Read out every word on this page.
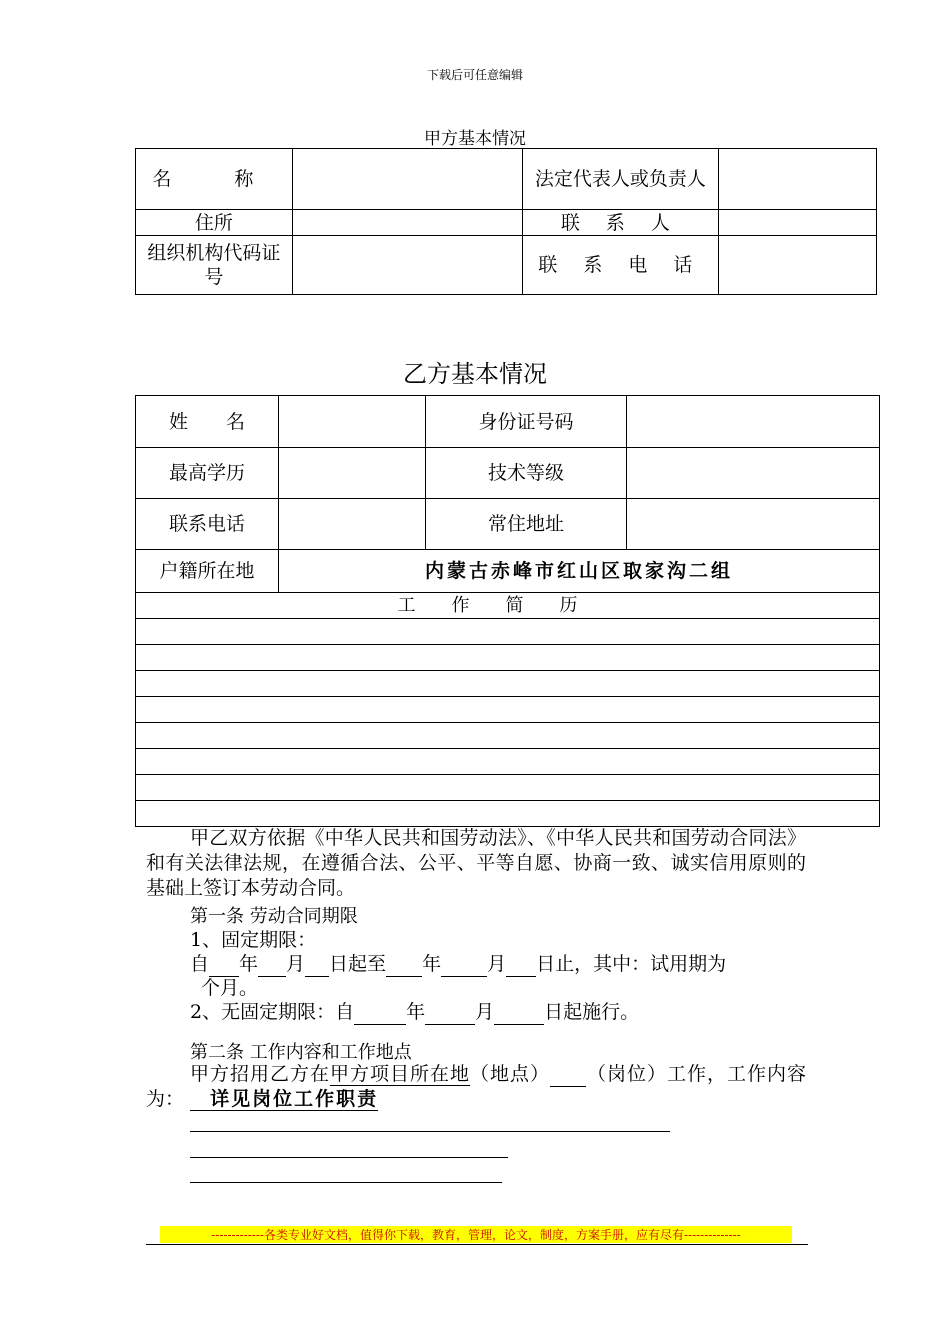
下载后可任意编辑
甲方基本情况
名　称		法定代表人或负责人	
住所		联 系 人	
组织机构代码证号		联 系 电 话	
乙方基本情况
姓　　名		身份证号码	
最高学历		技术等级	
联系电话		常住地址	
户籍所在地	内蒙古赤峰市红山区取家沟二组		
工　　作　　简　　历			

甲乙双方依据《中华人民共和国劳动法》、《中华人民共和国劳动合同法》和有关法律法规，在遵循合法、公平、平等自愿、协商一致、诚实信用原则的基础上签订本劳动合同。
第一条 劳动合同期限
1、固定期限：
自 年 月 日起至 年 月 日止，其中：试用期为
个月。
2、无固定期限：自	年	月	日起施行。
第二条 工作内容和工作地点
甲方招用乙方在甲方项目所在地（地点） （岗位）工作，工作内容为： 详见岗位工作职责
-------------各类专业好文档，值得你下载，教育，管理，论文，制度，方案手册，应有尽有--------------
